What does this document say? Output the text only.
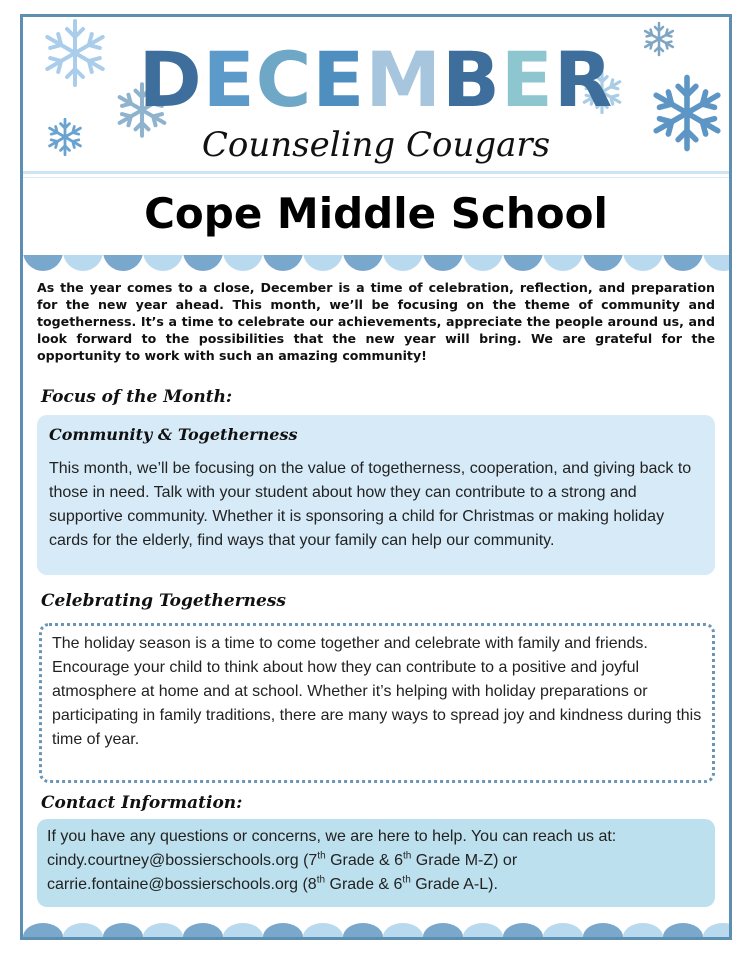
DECEMBER
Counseling Cougars
Cope Middle School
As the year comes to a close, December is a time of celebration, reflection, and preparation for the new year ahead. This month, we’ll be focusing on the theme of community and togetherness. It’s a time to celebrate our achievements, appreciate the people around us, and look forward to the possibilities that the new year will bring. We are grateful for the opportunity to work with such an amazing community!
Focus of the Month:
Community & Togetherness
This month, we’ll be focusing on the value of togetherness, cooperation, and giving back to those in need. Talk with your student about how they can contribute to a strong and supportive community. Whether it is sponsoring a child for Christmas or making holiday cards for the elderly, find ways that your family can help our community.
Celebrating Togetherness
The holiday season is a time to come together and celebrate with family and friends. Encourage your child to think about how they can contribute to a positive and joyful atmosphere at home and at school. Whether it’s helping with holiday preparations or participating in family traditions, there are many ways to spread joy and kindness during this time of year.
Contact Information:
If you have any questions or concerns, we are here to help. You can reach us at:
cindy.courtney@bossierschools.org (7th Grade & 6th Grade M-Z) or
carrie.fontaine@bossierschools.org (8th Grade & 6th Grade A-L).
